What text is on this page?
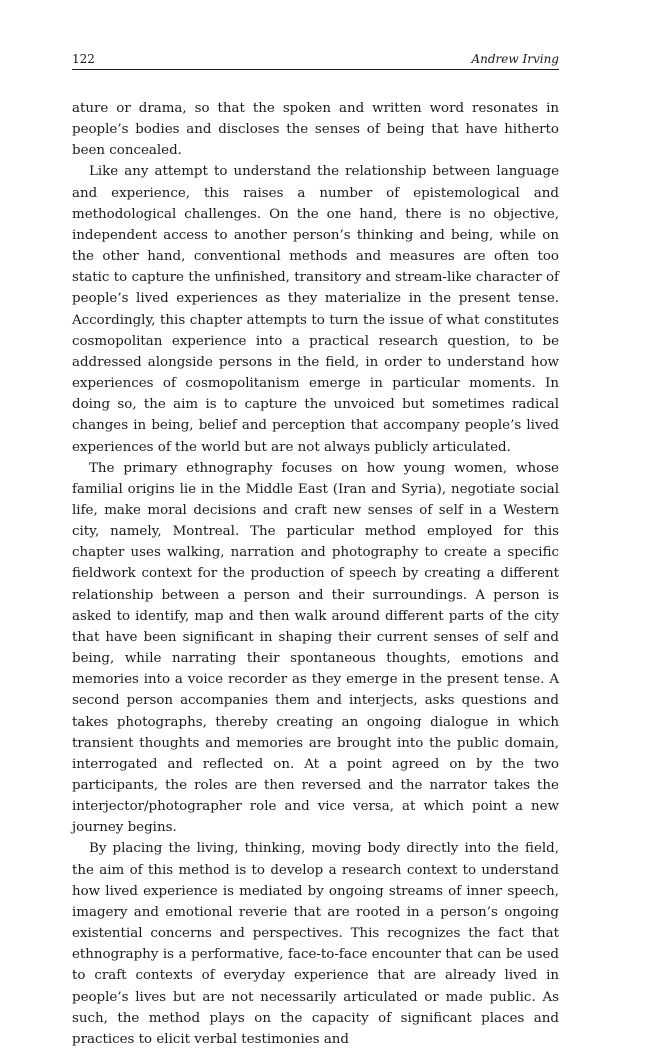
122	Andrew Irving

ature or drama, so that the spoken and written word resonates in people’s bodies and discloses the senses of being that have hitherto been concealed.

Like any attempt to understand the relationship between language and experience, this raises a number of epistemological and methodological challenges. On the one hand, there is no objective, independent access to another person’s thinking and being, while on the other hand, conventional methods and measures are often too static to capture the unfinished, transitory and stream-like character of people’s lived experiences as they materialize in the present tense. Accordingly, this chapter attempts to turn the issue of what constitutes cosmopolitan experience into a practical research question, to be addressed alongside persons in the field, in order to understand how experiences of cosmopolitanism emerge in particular moments. In doing so, the aim is to capture the unvoiced but sometimes radical changes in being, belief and perception that accompany people’s lived experiences of the world but are not always publicly articulated.

The primary ethnography focuses on how young women, whose familial origins lie in the Middle East (Iran and Syria), negotiate social life, make moral decisions and craft new senses of self in a Western city, namely, Montreal. The particular method employed for this chapter uses walking, narration and photography to create a specific fieldwork context for the production of speech by creating a different relationship between a person and their surroundings. A person is asked to identify, map and then walk around different parts of the city that have been significant in shaping their current senses of self and being, while narrating their spontaneous thoughts, emotions and memories into a voice recorder as they emerge in the present tense. A second person accompanies them and interjects, asks questions and takes photographs, thereby creating an ongoing dialogue in which transient thoughts and memories are brought into the public domain, interrogated and reflected on. At a point agreed on by the two participants, the roles are then reversed and the narrator takes the interjector/photographer role and vice versa, at which point a new journey begins.

By placing the living, thinking, moving body directly into the field, the aim of this method is to develop a research context to understand how lived experience is mediated by ongoing streams of inner speech, imagery and emotional reverie that are rooted in a person’s ongoing existential concerns and perspectives. This recognizes the fact that ethnography is a performative, face-to-face encounter that can be used to craft contexts of everyday experience that are already lived in people’s lives but are not necessarily articulated or made public. As such, the method plays on the capacity of significant places and practices to elicit verbal testimonies and
